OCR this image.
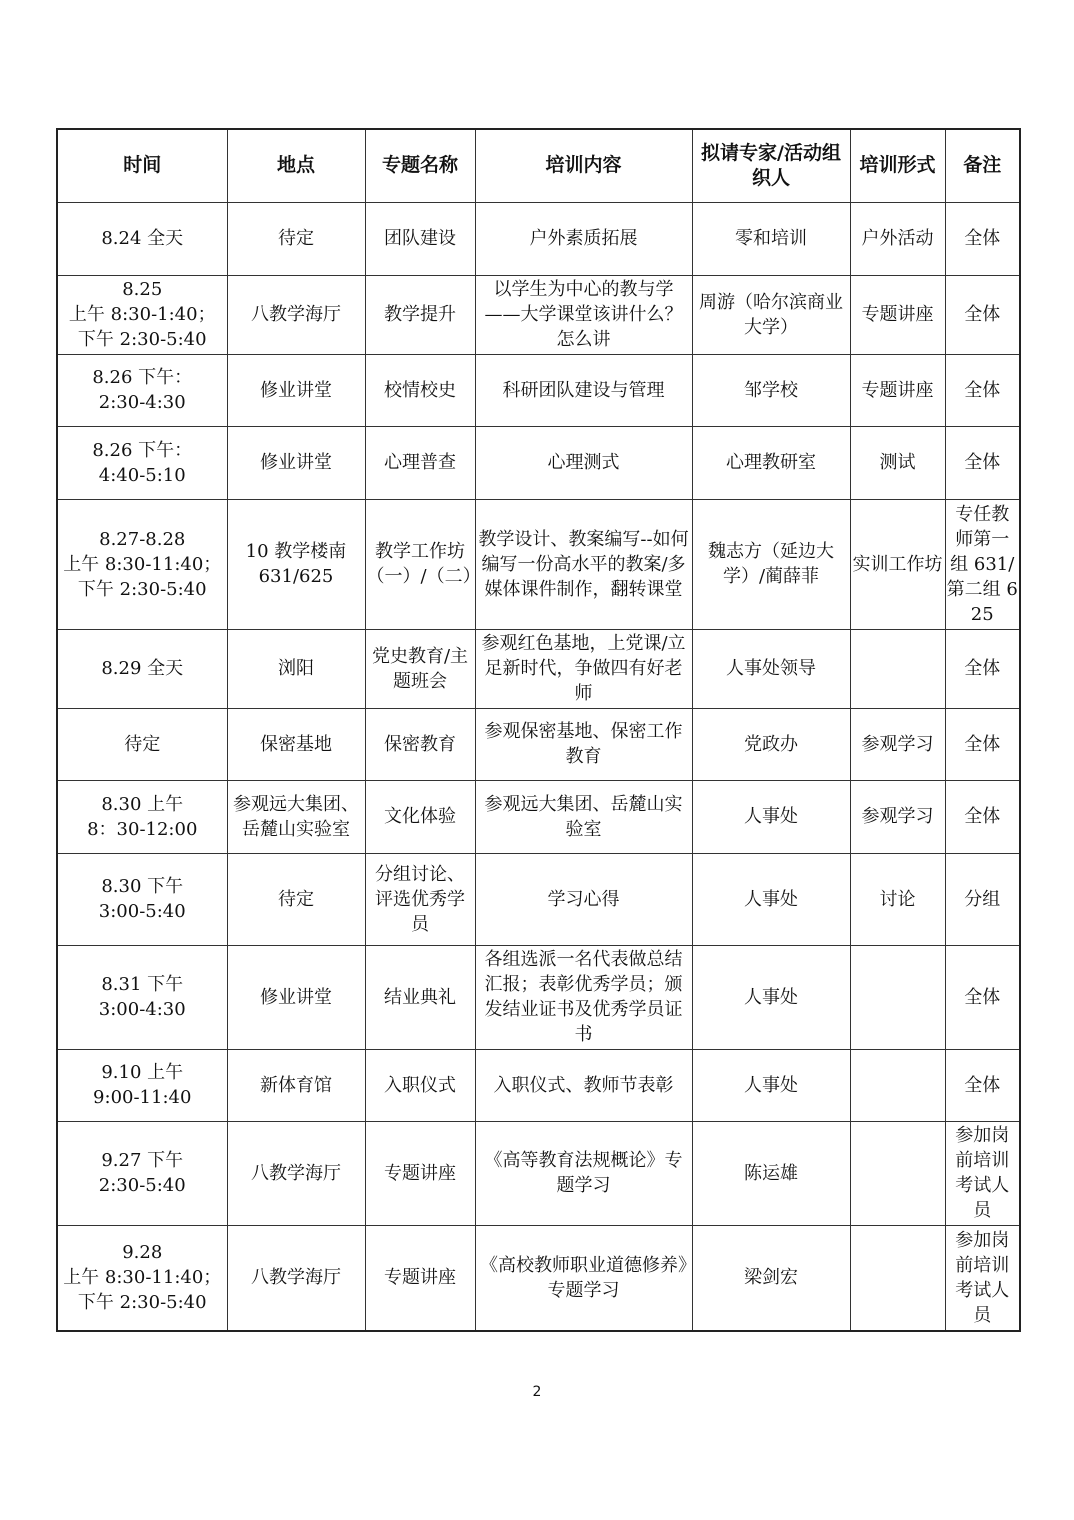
时间	地点	专题名称	培训内容	拟请专家/活动组织人	培训形式	备注
8.24 全天	待定	团队建设	户外素质拓展	零和培训	户外活动	全体
8.25
上午 8:30-1:40；
下午 2:30-5:40	八教学海厅	教学提升	以学生为中心的教与学——大学课堂该讲什么？怎么讲	周游（哈尔滨商业大学）	专题讲座	全体
8.26 下午：
2:30-4:30	修业讲堂	校情校史	科研团队建设与管理	邹学校	专题讲座	全体
8.26 下午：
4:40-5:10	修业讲堂	心理普查	心理测式	心理教研室	测试	全体
8.27-8.28
上午 8:30-11:40；
下午 2:30-5:40	10 教学楼南
631/625	教学工作坊（一）/（二）	教学设计、教案编写--如何编写一份高水平的教案/多媒体课件制作，翻转课堂	魏志方（延边大学）/蔺薛菲	实训工作坊	专任教师第一组 631/第二组 625
8.29 全天	浏阳	党史教育/主题班会	参观红色基地，上党课/立足新时代，争做四有好老师	人事处领导		全体
待定	保密基地	保密教育	参观保密基地、保密工作教育	党政办	参观学习	全体
8.30 上午
8：30-12:00	参观远大集团、岳麓山实验室	文化体验	参观远大集团、岳麓山实验室	人事处	参观学习	全体
8.30 下午
3:00-5:40	待定	分组讨论、评选优秀学员	学习心得	人事处	讨论	分组
8.31 下午
3:00-4:30	修业讲堂	结业典礼	各组选派一名代表做总结汇报；表彰优秀学员；颁发结业证书及优秀学员证书	人事处		全体
9.10 上午
9:00-11:40	新体育馆	入职仪式	入职仪式、教师节表彰	人事处		全体
9.27 下午
2:30-5:40	八教学海厅	专题讲座	《高等教育法规概论》专题学习	陈运雄		参加岗前培训考试人员
9.28
上午 8:30-11:40；
下午 2:30-5:40	八教学海厅	专题讲座	《高校教师职业道德修养》专题学习	梁剑宏		参加岗前培训考试人员
2
